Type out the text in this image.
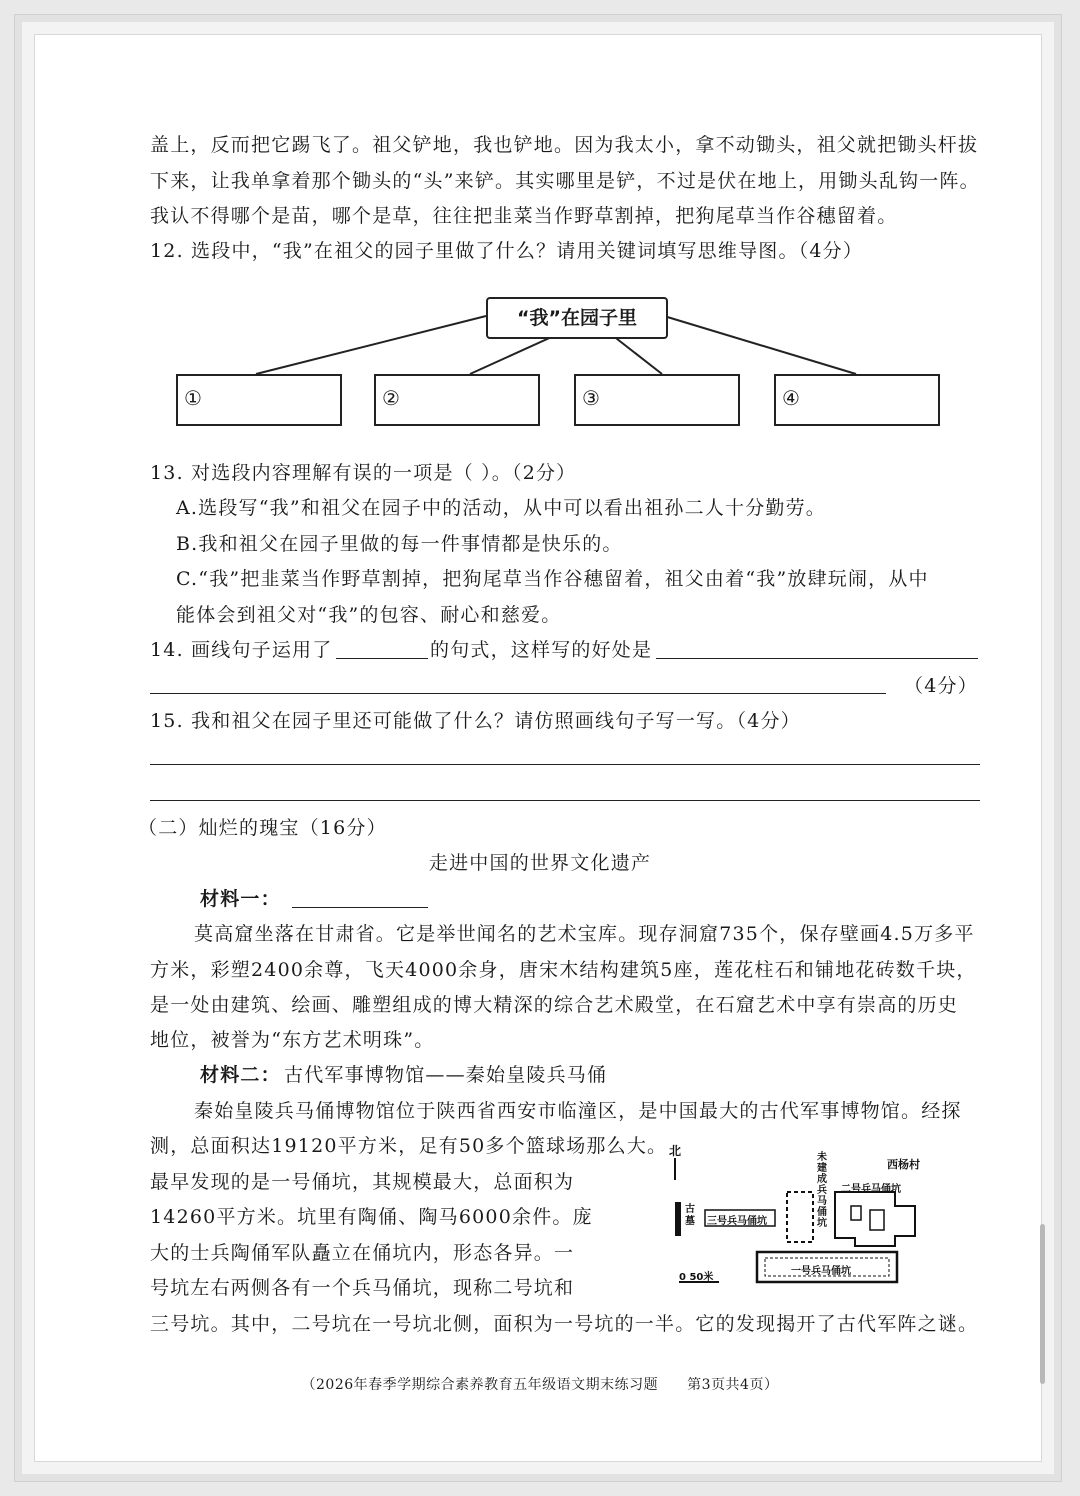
盖上，反而把它踢飞了。祖父铲地，我也铲地。因为我太小，拿不动锄头，祖父就把锄头杆拔
下来，让我单拿着那个锄头的“头”来铲。其实哪里是铲，不过是伏在地上，用锄头乱钩一阵。
我认不得哪个是苗，哪个是草，往往把韭菜当作野草割掉，把狗尾草当作谷穗留着。
12. 选段中，“我”在祖父的园子里做了什么？请用关键词填写思维导图。（4分）
“我”在园子里
①	②	③	④
13. 对选段内容理解有误的一项是（ ）。（2分）
A.选段写“我”和祖父在园子中的活动，从中可以看出祖孙二人十分勤劳。
B.我和祖父在园子里做的每一件事情都是快乐的。
C.“我”把韭菜当作野草割掉，把狗尾草当作谷穗留着，祖父由着“我”放肆玩闹，从中
能体会到祖父对“我”的包容、耐心和慈爱。
14. 画线句子运用了	的句式，这样写的好处是
（4分）
15. 我和祖父在园子里还可能做了什么？请仿照画线句子写一写。（4分）
（二）灿烂的瑰宝（16分）
走进中国的世界文化遗产
材料一：
莫高窟坐落在甘肃省。它是举世闻名的艺术宝库。现存洞窟735个，保存壁画4.5万多平
方米，彩塑2400余尊，飞天4000余身，唐宋木结构建筑5座，莲花柱石和铺地花砖数千块，
是一处由建筑、绘画、雕塑组成的博大精深的综合艺术殿堂，在石窟艺术中享有崇高的历史
地位，被誉为“东方艺术明珠”。
材料二： 古代军事博物馆——秦始皇陵兵马俑
秦始皇陵兵马俑博物馆位于陕西省西安市临潼区，是中国最大的古代军事博物馆。经探
测，总面积达19120平方米，足有50多个篮球场那么大。
最早发现的是一号俑坑，其规模最大，总面积为
14260平方米。坑里有陶俑、陶马6000余件。庞
大的士兵陶俑军队矗立在俑坑内，形态各异。一
号坑左右两侧各有一个兵马俑坑，现称二号坑和
三号坑。其中，二号坑在一号坑北侧，面积为一号坑的一半。它的发现揭开了古代军阵之谜。
北
西杨村
未建成兵马俑坑
二号兵马俑坑
三号兵马俑坑
一号兵马俑坑
古墓
0 50米
（2026年春季学期综合素养教育五年级语文期末练习题　　第3页共4页）
